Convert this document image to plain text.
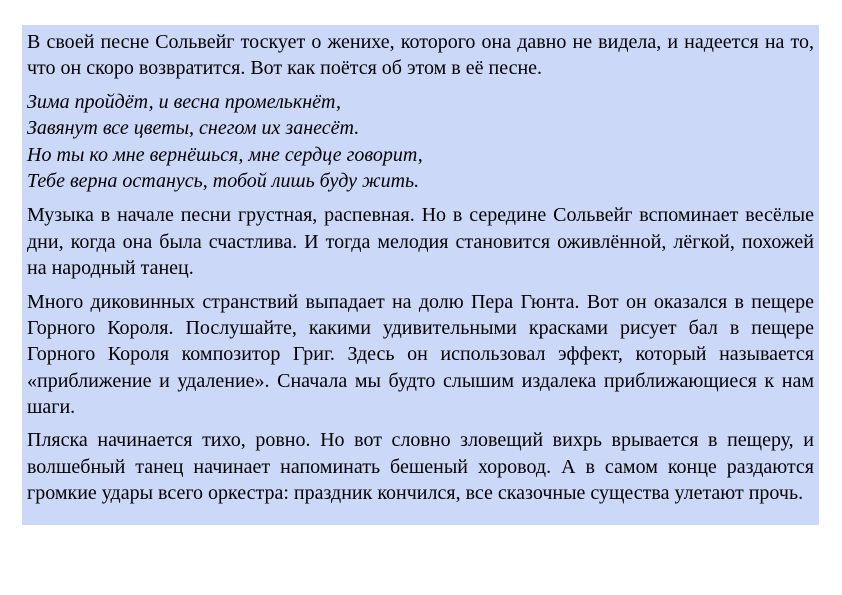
В своей песне Сольвейг тоскует о женихе, которого она давно не видела, и надеется на то, что он скоро возвратится. Вот как поётся об этом в её песне.

Зима пройдёт, и весна промелькнёт,

Завянут все цветы, снегом их занесёт.

Но ты ко мне вернёшься, мне сердце говорит,

Тебе верна останусь, тобой лишь буду жить.

Музыка в начале песни грустная, распевная. Но в середине Сольвейг вспоминает весёлые дни, когда она была счастлива. И тогда мелодия становится оживлённой, лёгкой, похожей на народный танец.

Много диковинных странствий выпадает на долю Пера Гюнта. Вот он оказался в пещере Горного Короля. Послушайте, какими удивительными красками рисует бал в пещере Горного Короля композитор Григ. Здесь он использовал эффект, который называется «приближение и удаление». Сначала мы будто слышим издалека приближающиеся к нам шаги.

Пляска начинается тихо, ровно. Но вот словно зловещий вихрь врывается в пещеру, и волшебный танец начинает напоминать бешеный хоровод. А в самом конце раздаются громкие удары всего оркестра: праздник кончился, все сказочные существа улетают прочь.
